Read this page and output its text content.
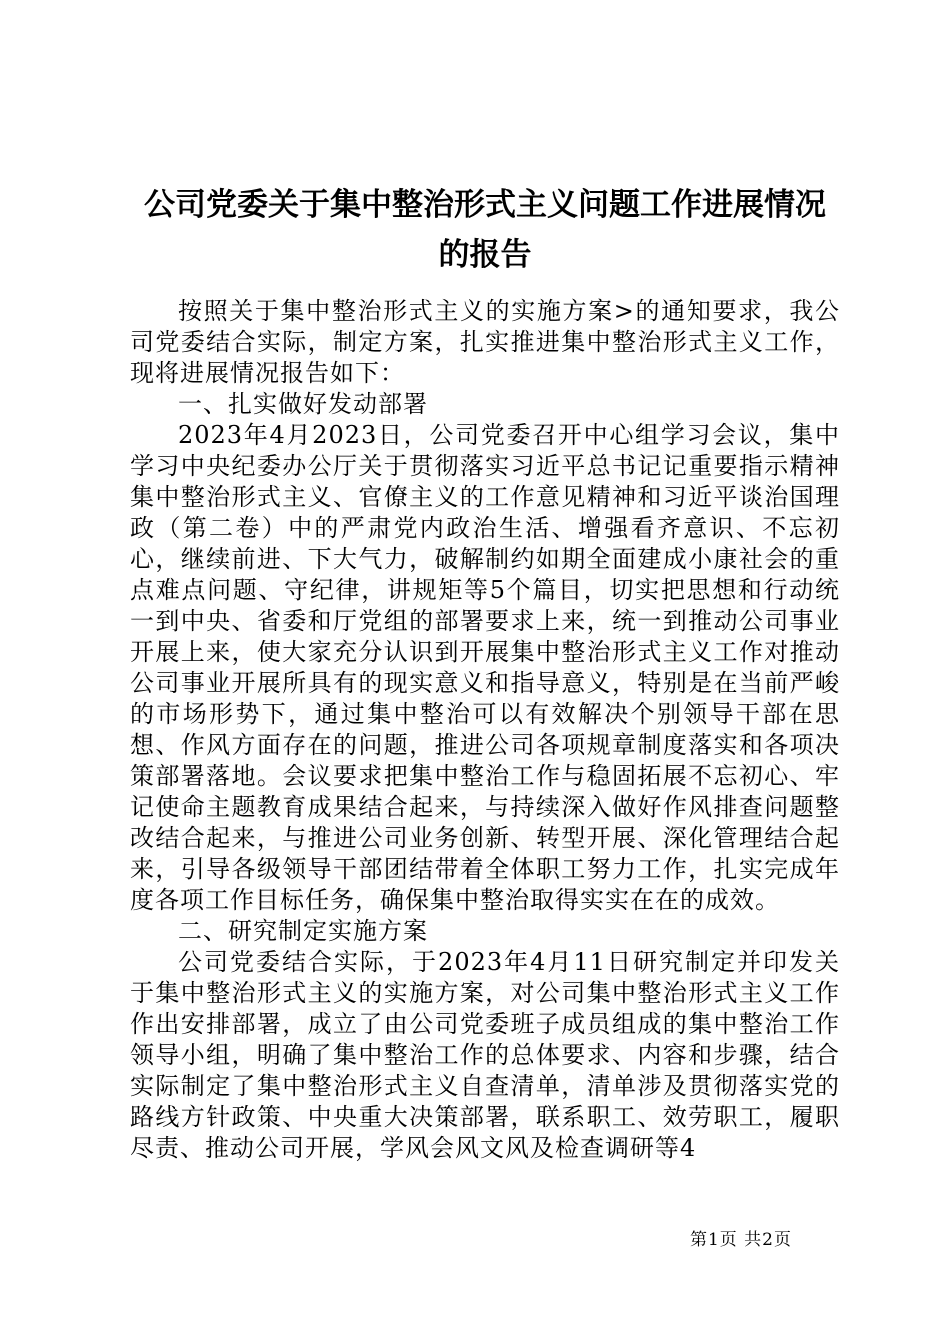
公司党委关于集中整治形式主义问题工作进展情况的报告

按照关于集中整治形式主义的实施方案>的通知要求，我公司党委结合实际，制定方案，扎实推进集中整治形式主义工作，现将进展情况报告如下：

一、扎实做好发动部署

2023年4月2023日，公司党委召开中心组学习会议，集中学习中央纪委办公厅关于贯彻落实习近平总书记记重要指示精神集中整治形式主义、官僚主义的工作意见精神和习近平谈治国理政（第二卷）中的严肃党内政治生活、增强看齐意识、不忘初心，继续前进、下大气力，破解制约如期全面建成小康社会的重点难点问题、守纪律，讲规矩等5个篇目，切实把思想和行动统一到中央、省委和厅党组的部署要求上来，统一到推动公司事业开展上来，使大家充分认识到开展集中整治形式主义工作对推动公司事业开展所具有的现实意义和指导意义，特别是在当前严峻的市场形势下，通过集中整治可以有效解决个别领导干部在思想、作风方面存在的问题，推进公司各项规章制度落实和各项决策部署落地。会议要求把集中整治工作与稳固拓展不忘初心、牢记使命主题教育成果结合起来，与持续深入做好作风排查问题整改结合起来，与推进公司业务创新、转型开展、深化管理结合起来，引导各级领导干部团结带着全体职工努力工作，扎实完成年度各项工作目标任务，确保集中整治取得实实在在的成效。

二、研究制定实施方案

公司党委结合实际，于2023年4月11日研究制定并印发关于集中整治形式主义的实施方案，对公司集中整治形式主义工作作出安排部署，成立了由公司党委班子成员组成的集中整治工作领导小组，明确了集中整治工作的总体要求、内容和步骤，结合实际制定了集中整治形式主义自查清单，清单涉及贯彻落实党的路线方针政策、中央重大决策部署，联系职工、效劳职工，履职尽责、推动公司开展，学风会风文风及检查调研等4

第1页 共2页
